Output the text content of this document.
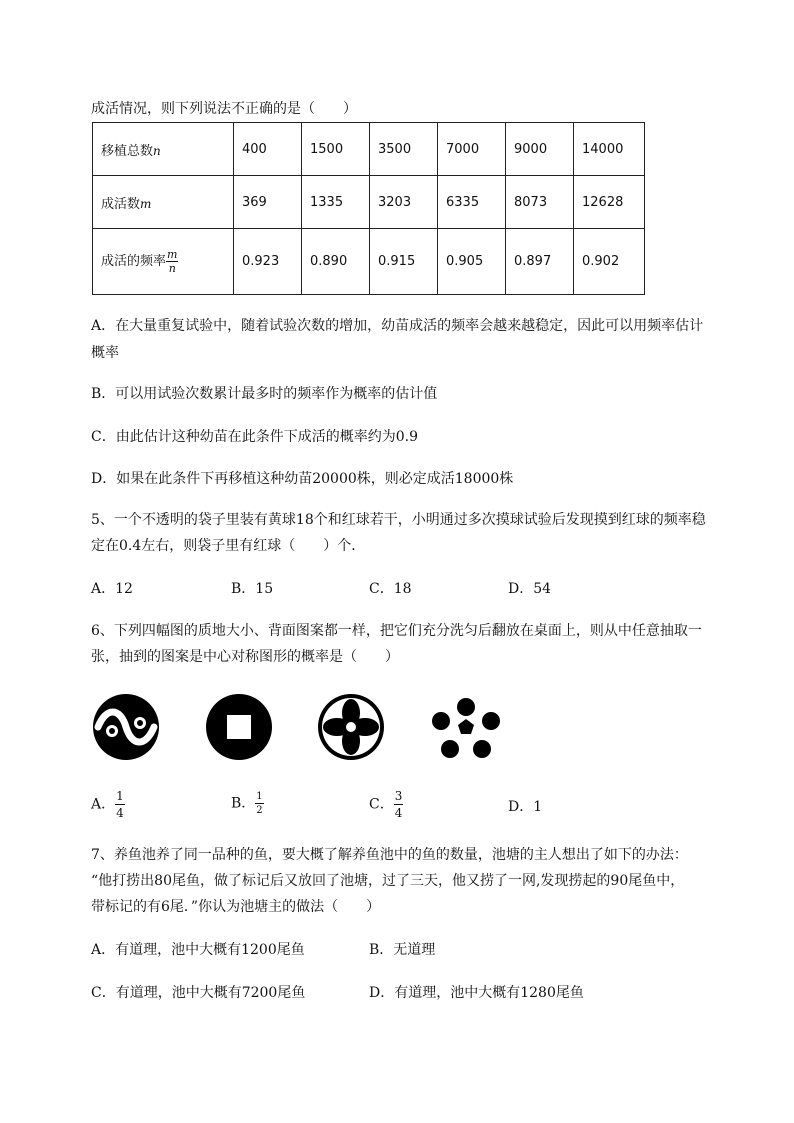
成活情况，则下列说法不正确的是（　　）
移植总数n	400	1500	3500	7000	9000	14000
成活数m	369	1335	3203	6335	8073	12628
成活的频率 $\frac{m}{n}$	0.923	0.890	0.915	0.905	0.897	0.902
A．在大量重复试验中，随着试验次数的增加，幼苗成活的频率会越来越稳定，因此可以用频率估计
概率
B．可以用试验次数累计最多时的频率作为概率的估计值
C．由此估计这种幼苗在此条件下成活的概率约为0.9
D．如果在此条件下再移植这种幼苗20000株，则必定成活18000株
5、一个不透明的袋子里装有黄球18个和红球若干，小明通过多次摸球试验后发现摸到红球的频率稳
定在0.4左右，则袋子里有红球（　　）个．
A．12	B．15	C．18	D．54
6、下列四幅图的质地大小、背面图案都一样，把它们充分洗匀后翻放在桌面上，则从中任意抽取一
张，抽到的图案是中心对称图形的概率是（　　）
A． $\frac{1}{4}$	B． $\frac{1}{2}$	C． $\frac{3}{4}$	D．1
7、养鱼池养了同一品种的鱼，要大概了解养鱼池中的鱼的数量，池塘的主人想出了如下的办法：
“他打捞出80尾鱼，做了标记后又放回了池塘，过了三天，他又捞了一网,发现捞起的90尾鱼中，
带标记的有6尾．”你认为池塘主的做法（　　）
A．有道理，池中大概有1200尾鱼	B．无道理
C．有道理，池中大概有7200尾鱼	D．有道理，池中大概有1280尾鱼
